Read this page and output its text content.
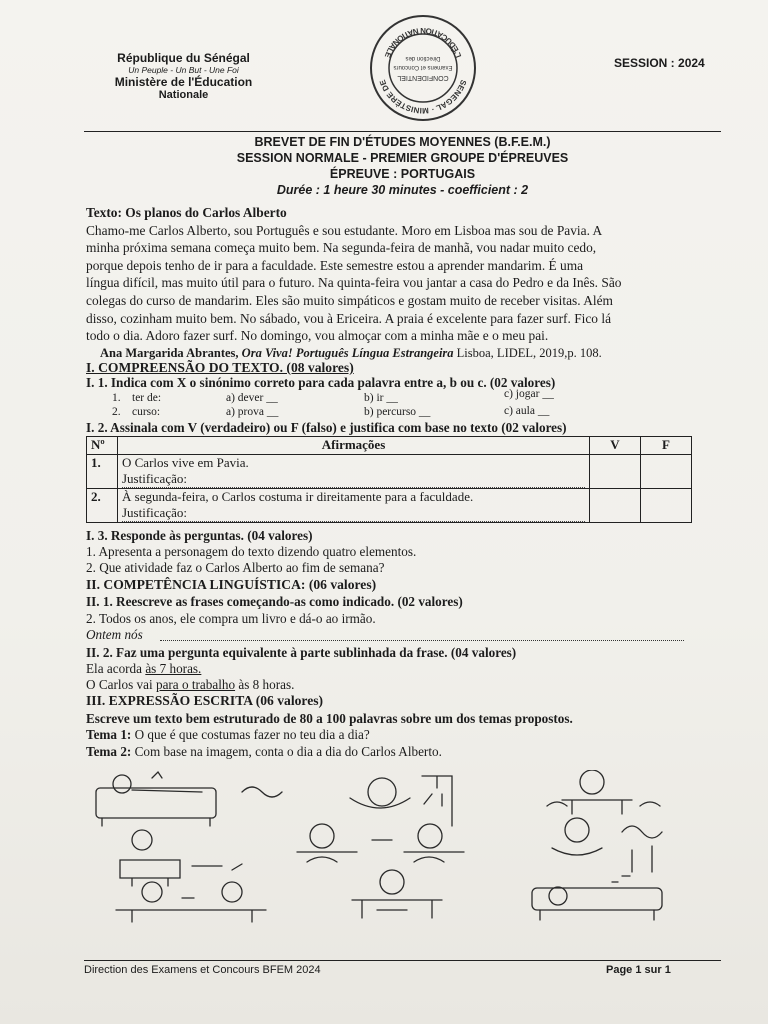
République du Sénégal
Un Peuple - Un But - Une Foi
Ministère de l'Éducation
Nationale
SENEGAL · MINISTÈRE DE
L'ÉDUCATION NATIONALE
CONFIDENTIEL
Examens et Concours
Direction des	SESSION : 2024
BREVET DE FIN D'ÉTUDES MOYENNES (B.F.E.M.)
SESSION NORMALE - PREMIER GROUPE D'ÉPREUVES
ÉPREUVE : PORTUGAIS
Durée : 1 heure 30 minutes - coefficient : 2
Texto: Os planos do Carlos Alberto
Chamo-me Carlos Alberto, sou Português e sou estudante. Moro em Lisboa mas sou de Pavia. A
minha próxima semana começa muito bem. Na segunda-feira de manhã, vou nadar muito cedo,
porque depois tenho de ir para a faculdade. Este semestre estou a aprender mandarim. É uma
língua difícil, mas muito útil para o futuro. Na quinta-feira vou jantar a casa do Pedro e da Inês. São
colegas do curso de mandarim. Eles são muito simpáticos e gostam muito de receber visitas. Além
disso, cozinham muito bem. No sábado, vou à Ericeira. A praia é excelente para fazer surf. Fico lá
todo o dia. Adoro fazer surf. No domingo, vou almoçar com a minha mãe e o meu pai.
Ana Margarida Abrantes, Ora Viva! Português Língua Estrangeira Lisboa, LIDEL, 2019,p. 108.
I. COMPREENSÃO DO TEXTO. (08 valores)
I. 1. Indica com X o sinónimo correto para cada palavra entre a, b ou c. (02 valores)
1. ter de:	a) dever __	b) ir __	c) jogar __
2. curso:	a) prova __	b) percurso __	c) aula __
I. 2. Assinala com V (verdadeiro) ou F (falso) e justifica com base no texto (02 valores)
Nº	Afirmações	V	F
1.	O Carlos vive em Pavia.
Justificação:		

2.	À segunda-feira, o Carlos costuma ir direitamente para a faculdade.
Justificação:		

I. 3. Responde às perguntas. (04 valores)
1. Apresenta a personagem do texto dizendo quatro elementos.
2. Que atividade faz o Carlos Alberto ao fim de semana?
II. COMPETÊNCIA LINGUÍSTICA: (06 valores)
II. 1. Reescreve as frases começando-as como indicado. (02 valores)
2. Todos os anos, ele compra um livro e dá-o ao irmão.
Ontem nós
II. 2. Faz uma pergunta equivalente à parte sublinhada da frase. (04 valores)
Ela acorda às 7 horas.
O Carlos vai para o trabalho às 8 horas.
III. EXPRESSÃO ESCRITA (06 valores)
Escreve um texto bem estruturado de 80 a 100 palavras sobre um dos temas propostos.
Tema 1: O que é que costumas fazer no teu dia a dia?
Tema 2: Com base na imagem, conta o dia a dia do Carlos Alberto.
Direction des Examens et Concours BFEM 2024	Page 1 sur 1
